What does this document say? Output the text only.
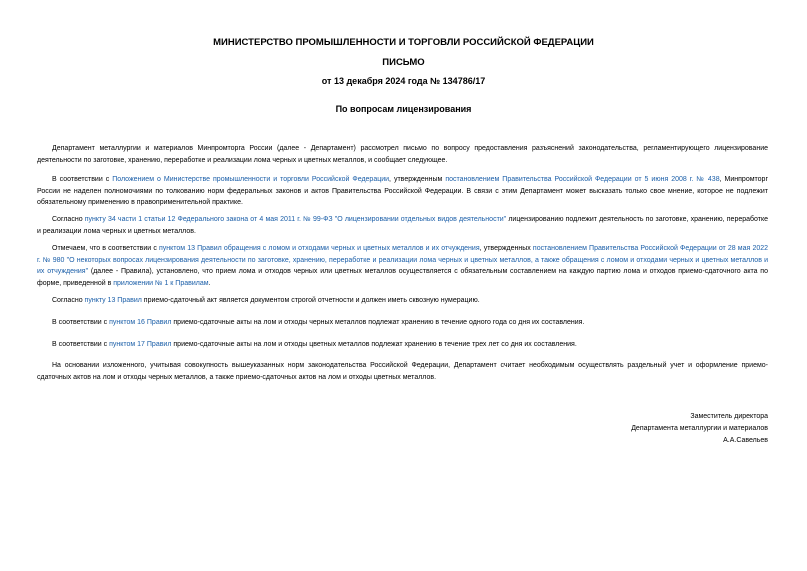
МИНИСТЕРСТВО ПРОМЫШЛЕННОСТИ И ТОРГОВЛИ РОССИЙСКОЙ ФЕДЕРАЦИИ
ПИСЬМО
от 13 декабря 2024 года № 134786/17
По вопросам лицензирования

Департамент металлургии и материалов Минпромторга России (далее - Департамент) рассмотрел письмо по вопросу предоставления разъяснений законодательства, регламентирующего лицензирование деятельности по заготовке, хранению, переработке и реализации лома черных и цветных металлов, и сообщает следующее.

В соответствии с Положением о Министерстве промышленности и торговли Российской Федерации, утвержденным постановлением Правительства Российской Федерации от 5 июня 2008 г. № 438, Минпромторг России не наделен полномочиями по толкованию норм федеральных законов и актов Правительства Российской Федерации. В связи с этим Департамент может высказать только свое мнение, которое не подлежит обязательному применению в правоприменительной практике.

Согласно пункту 34 части 1 статьи 12 Федерального закона от 4 мая 2011 г. № 99-ФЗ "О лицензировании отдельных видов деятельности" лицензированию подлежит деятельность по заготовке, хранению, переработке и реализации лома черных и цветных металлов.

Отмечаем, что в соответствии с пунктом 13 Правил обращения с ломом и отходами черных и цветных металлов и их отчуждения, утвержденных постановлением Правительства Российской Федерации от 28 мая 2022 г. № 980 "О некоторых вопросах лицензирования деятельности по заготовке, хранению, переработке и реализации лома черных и цветных металлов, а также обращения с ломом и отходами черных и цветных металлов и их отчуждения" (далее - Правила), установлено, что прием лома и отходов черных или цветных металлов осуществляется с обязательным составлением на каждую партию лома и отходов приемо-сдаточного акта по форме, приведенной в приложении № 1 к Правилам.

Согласно пункту 13 Правил приемо-сдаточный акт является документом строгой отчетности и должен иметь сквозную нумерацию.

В соответствии с пунктом 16 Правил приемо-сдаточные акты на лом и отходы черных металлов подлежат хранению в течение одного года со дня их составления.

В соответствии с пунктом 17 Правил приемо-сдаточные акты на лом и отходы цветных металлов подлежат хранению в течение трех лет со дня их составления.

На основании изложенного, учитывая совокупность вышеуказанных норм законодательства Российской Федерации, Департамент считает необходимым осуществлять раздельный учет и оформление приемо-сдаточных актов на лом и отходы черных металлов, а также приемо-сдаточных актов на лом и отходы цветных металлов.

Заместитель директора
Департамента металлургии и материалов
А.А.Савельев
